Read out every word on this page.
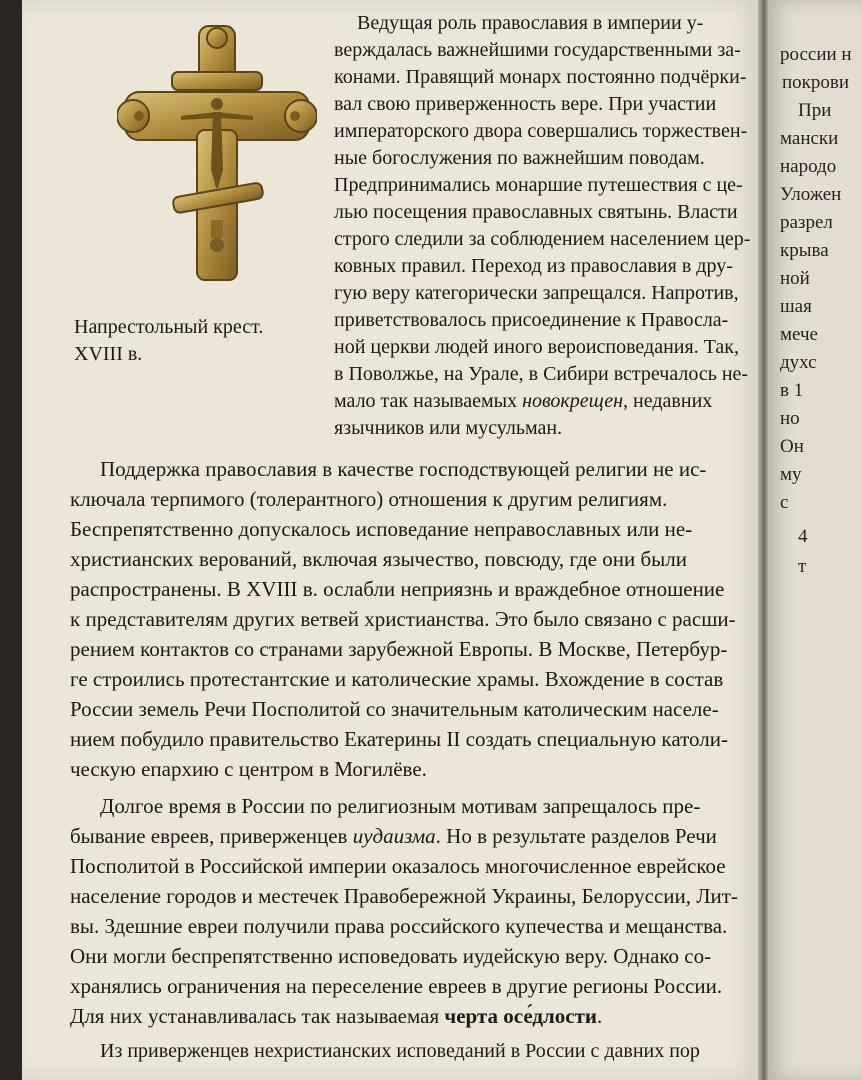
Напрестольный крест.
XVIII в.
Ведущая роль православия в империи у-
верждалась важнейшими государственными за-
конами. Правящий монарх постоянно подчёрки-
вал свою приверженность вере. При участии
императорского двора совершались торжествен-
ные богослужения по важнейшим поводам.
Предпринимались монаршие путешествия с це-
лью посещения православных святынь. Власти
строго следили за соблюдением населением цер-
ковных правил. Переход из православия в дру-
гую веру категорически запрещался. Напротив,
приветствовалось присоединение к Правосла-
ной церкви людей иного вероисповедания. Так,
в Поволжье, на Урале, в Сибири встречалось не-
мало так называемых новокрещен, недавних
язычников или мусульман.
Поддержка православия в качестве господствующей религии не ис-
ключала терпимого (толерантного) отношения к другим религиям.
Беспрепятственно допускалось исповедание неправославных или не-
христианских верований, включая язычество, повсюду, где они были
распространены. В XVIII в. ослабли неприязнь и враждебное отношение
к представителям других ветвей христианства. Это было связано с расши-
рением контактов со странами зарубежной Европы. В Москве, Петербур-
ге строились протестантские и католические храмы. Вхождение в состав
России земель Речи Посполитой со значительным католическим населе-
нием побудило правительство Екатерины II создать специальную католи-
ческую епархию с центром в Могилёве.
Долгое время в России по религиозным мотивам запрещалось пре-
бывание евреев, приверженцев иудаизма. Но в результате разделов Речи
Посполитой в Российской империи оказалось многочисленное еврейское
население городов и местечек Правобережной Украины, Белоруссии, Лит-
вы. Здешние евреи получили права российского купечества и мещанства.
Они могли беспрепятственно исповедовать иудейскую веру. Однако со-
хранялись ограничения на переселение евреев в другие регионы России.
Для них устанавливалась так называемая черта осе́длости.
Из приверженцев нехристианских исповеданий в России с давних пор
россии н
покрови
При
мански
народо
Уложен
разрел
крыва
ной
шая
мече
духс
в 1
но
Он
му
с
4
т
